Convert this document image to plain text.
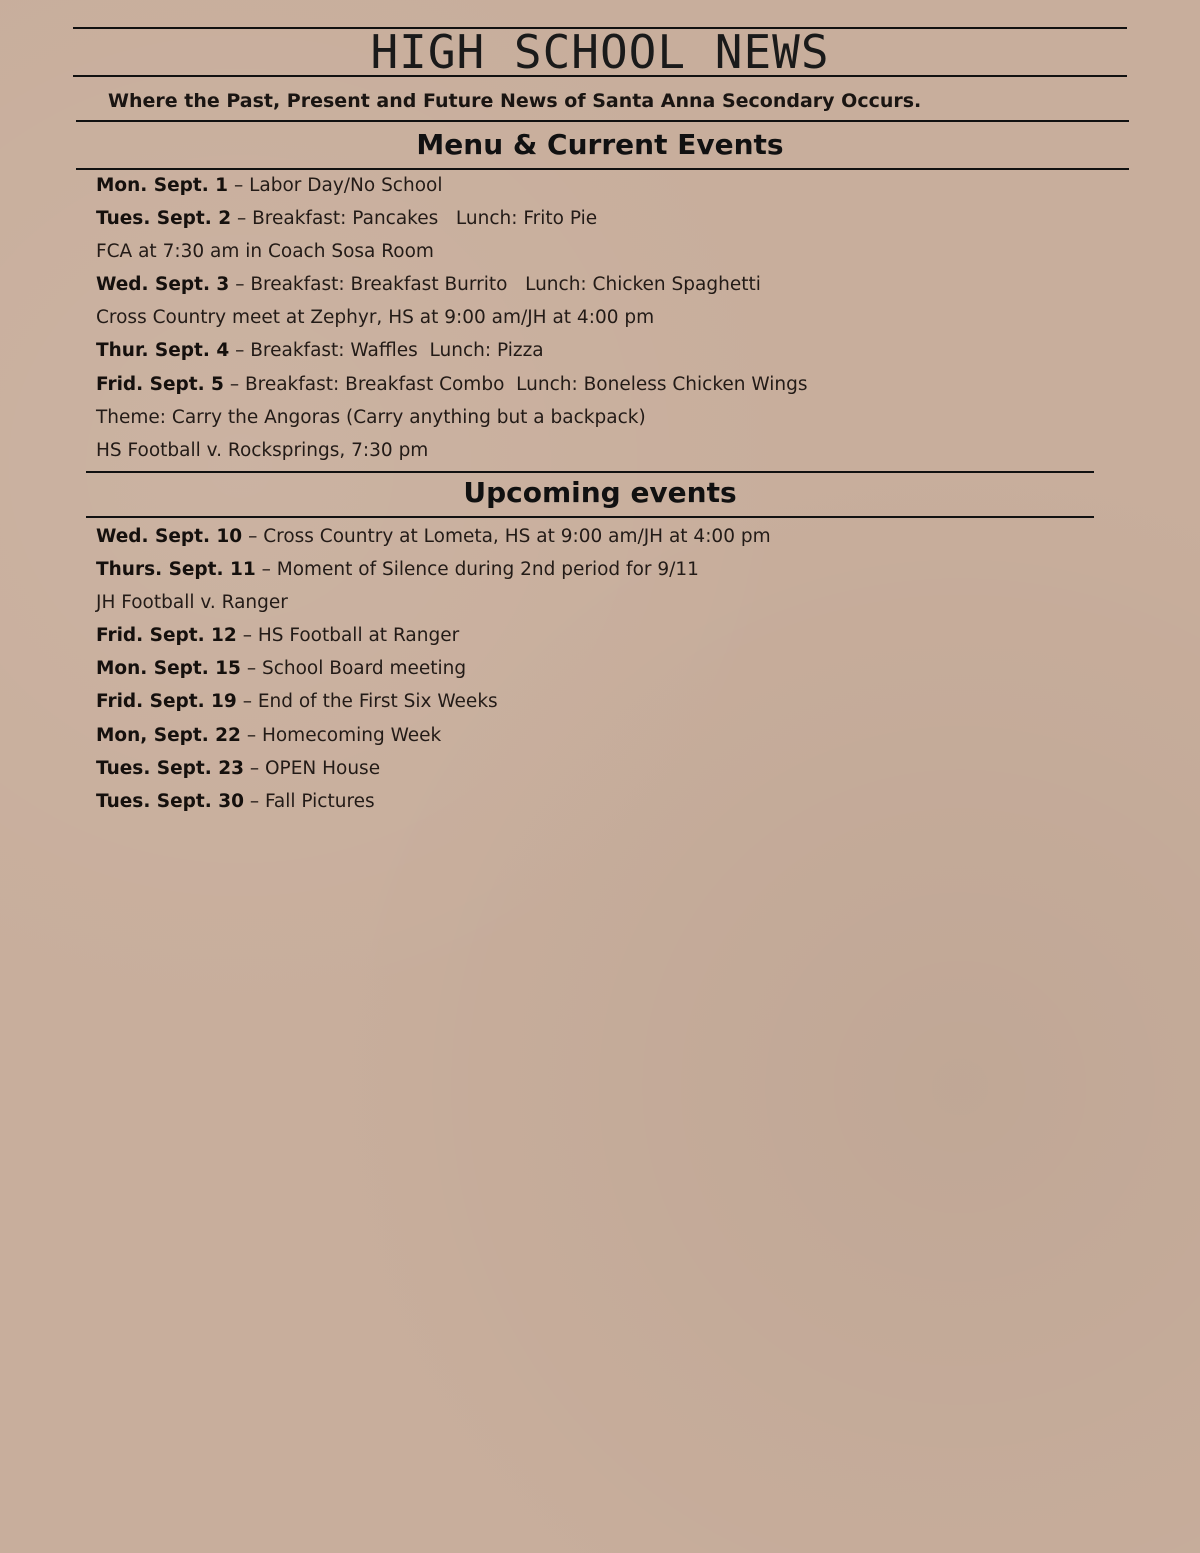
HIGH SCHOOL NEWS
Where the Past, Present and Future News of Santa Anna Secondary Occurs.
Menu & Current Events
Mon. Sept. 1 – Labor Day/No School
Tues. Sept. 2 – Breakfast: Pancakes   Lunch: Frito Pie
FCA at 7:30 am in Coach Sosa Room
Wed. Sept. 3 – Breakfast: Breakfast Burrito   Lunch: Chicken Spaghetti
Cross Country meet at Zephyr, HS at 9:00 am/JH at 4:00 pm
Thur. Sept. 4 – Breakfast: Waffles  Lunch: Pizza
Frid. Sept. 5 – Breakfast: Breakfast Combo  Lunch: Boneless Chicken Wings
Theme: Carry the Angoras (Carry anything but a backpack)
HS Football v. Rocksprings, 7:30 pm
Upcoming events
Wed. Sept. 10 – Cross Country at Lometa, HS at 9:00 am/JH at 4:00 pm
Thurs. Sept. 11 – Moment of Silence during 2nd period for 9/11
JH Football v. Ranger
Frid. Sept. 12 – HS Football at Ranger
Mon. Sept. 15 – School Board meeting
Frid. Sept. 19 – End of the First Six Weeks
Mon, Sept. 22 – Homecoming Week
Tues. Sept. 23 – OPEN House
Tues. Sept. 30 – Fall Pictures
